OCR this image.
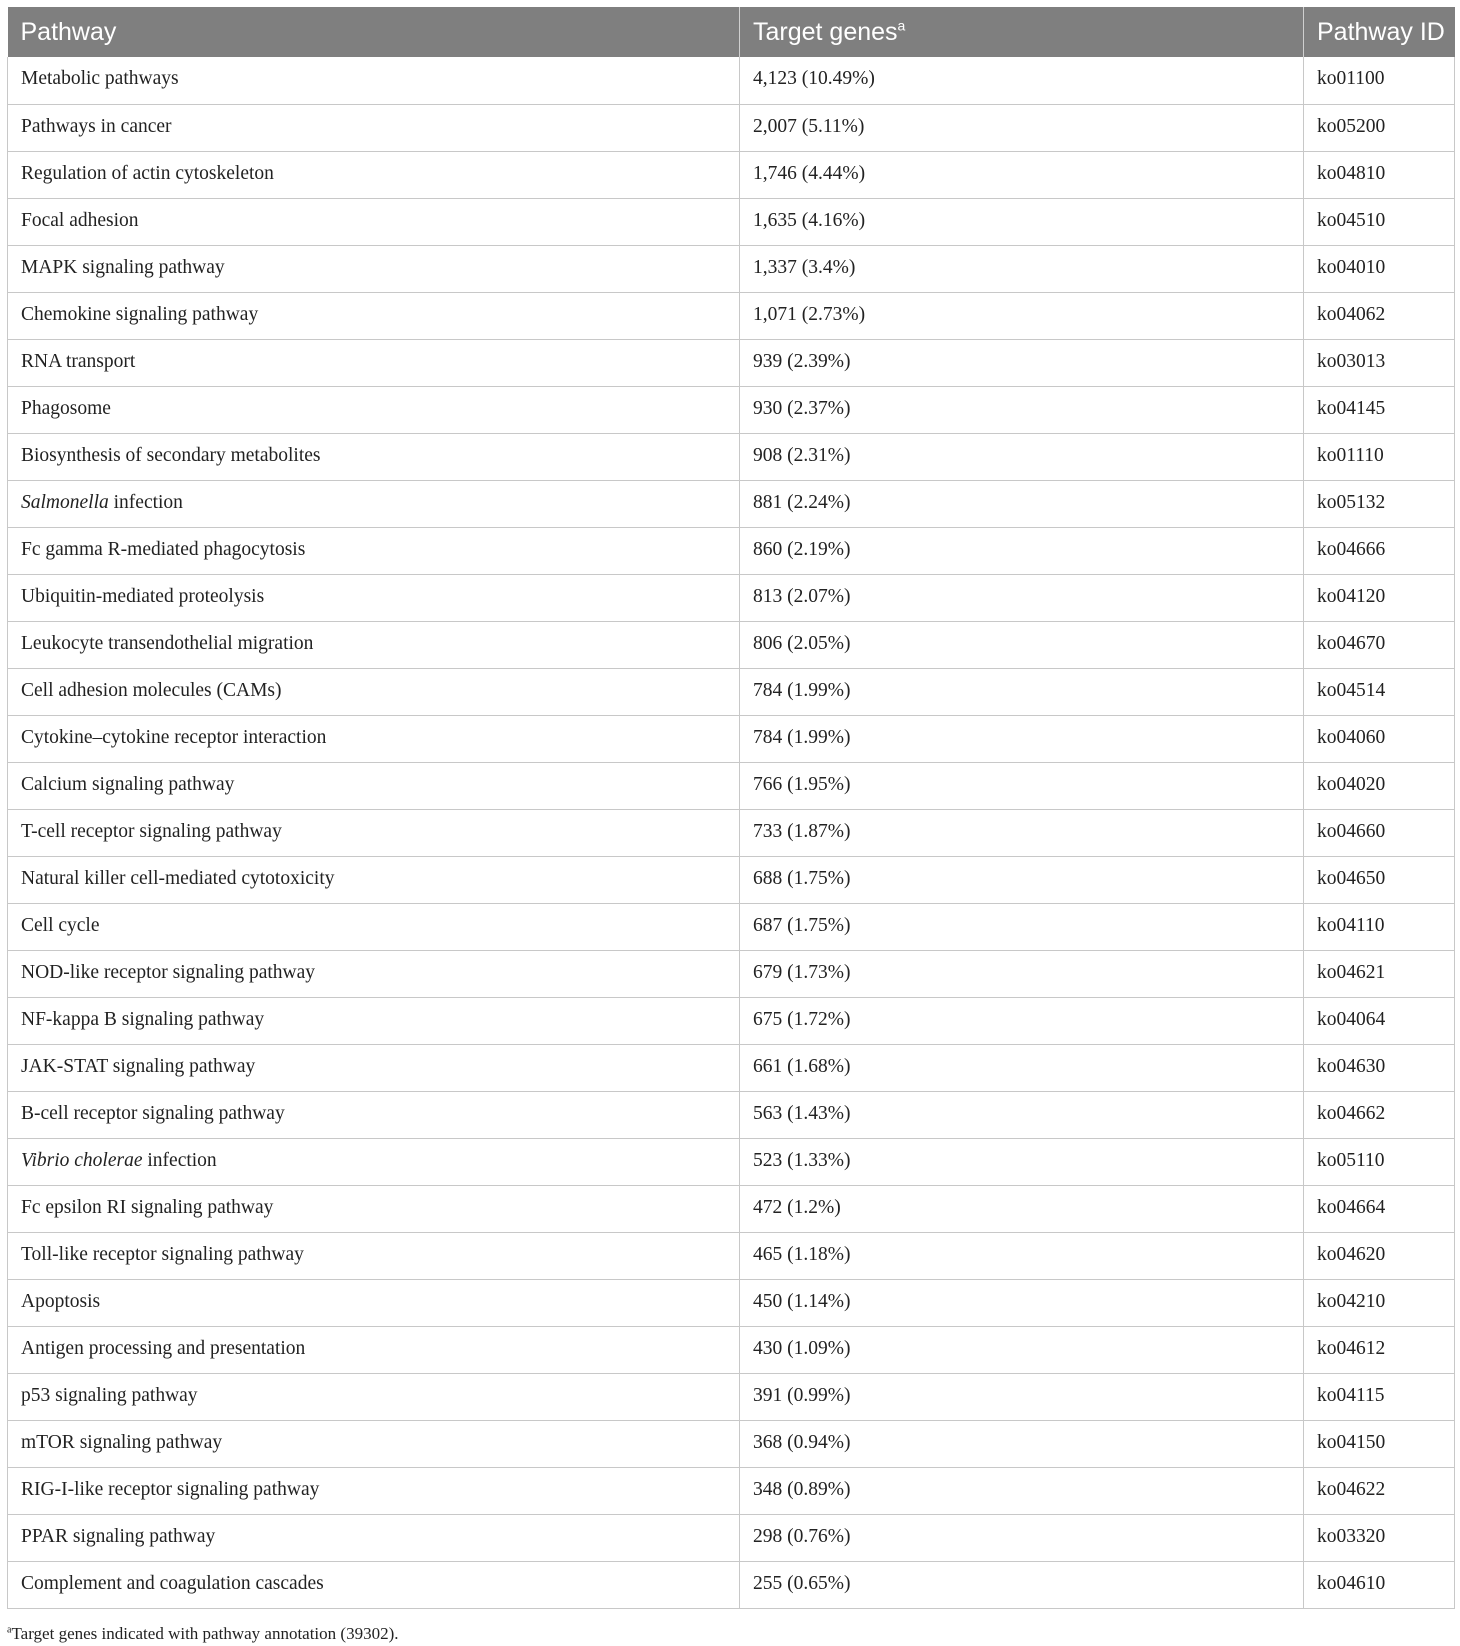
Pathway	Target genes$^a$	Pathway ID
Metabolic pathways	4,123 (10.49%)	ko01100
Pathways in cancer	2,007 (5.11%)	ko05200
Regulation of actin cytoskeleton	1,746 (4.44%)	ko04810
Focal adhesion	1,635 (4.16%)	ko04510
MAPK signaling pathway	1,337 (3.4%)	ko04010
Chemokine signaling pathway	1,071 (2.73%)	ko04062
RNA transport	939 (2.39%)	ko03013
Phagosome	930 (2.37%)	ko04145
Biosynthesis of secondary metabolites	908 (2.31%)	ko01110
Salmonella infection	881 (2.24%)	ko05132
Fc gamma R-mediated phagocytosis	860 (2.19%)	ko04666
Ubiquitin-mediated proteolysis	813 (2.07%)	ko04120
Leukocyte transendothelial migration	806 (2.05%)	ko04670
Cell adhesion molecules (CAMs)	784 (1.99%)	ko04514
Cytokine–cytokine receptor interaction	784 (1.99%)	ko04060
Calcium signaling pathway	766 (1.95%)	ko04020
T-cell receptor signaling pathway	733 (1.87%)	ko04660
Natural killer cell-mediated cytotoxicity	688 (1.75%)	ko04650
Cell cycle	687 (1.75%)	ko04110
NOD-like receptor signaling pathway	679 (1.73%)	ko04621
NF-kappa B signaling pathway	675 (1.72%)	ko04064
JAK-STAT signaling pathway	661 (1.68%)	ko04630
B-cell receptor signaling pathway	563 (1.43%)	ko04662
Vibrio cholerae infection	523 (1.33%)	ko05110
Fc epsilon RI signaling pathway	472 (1.2%)	ko04664
Toll-like receptor signaling pathway	465 (1.18%)	ko04620
Apoptosis	450 (1.14%)	ko04210
Antigen processing and presentation	430 (1.09%)	ko04612
p53 signaling pathway	391 (0.99%)	ko04115
mTOR signaling pathway	368 (0.94%)	ko04150
RIG-I-like receptor signaling pathway	348 (0.89%)	ko04622
PPAR signaling pathway	298 (0.76%)	ko03320
Complement and coagulation cascades	255 (0.65%)	ko04610
$^a$Target genes indicated with pathway annotation (39302).
